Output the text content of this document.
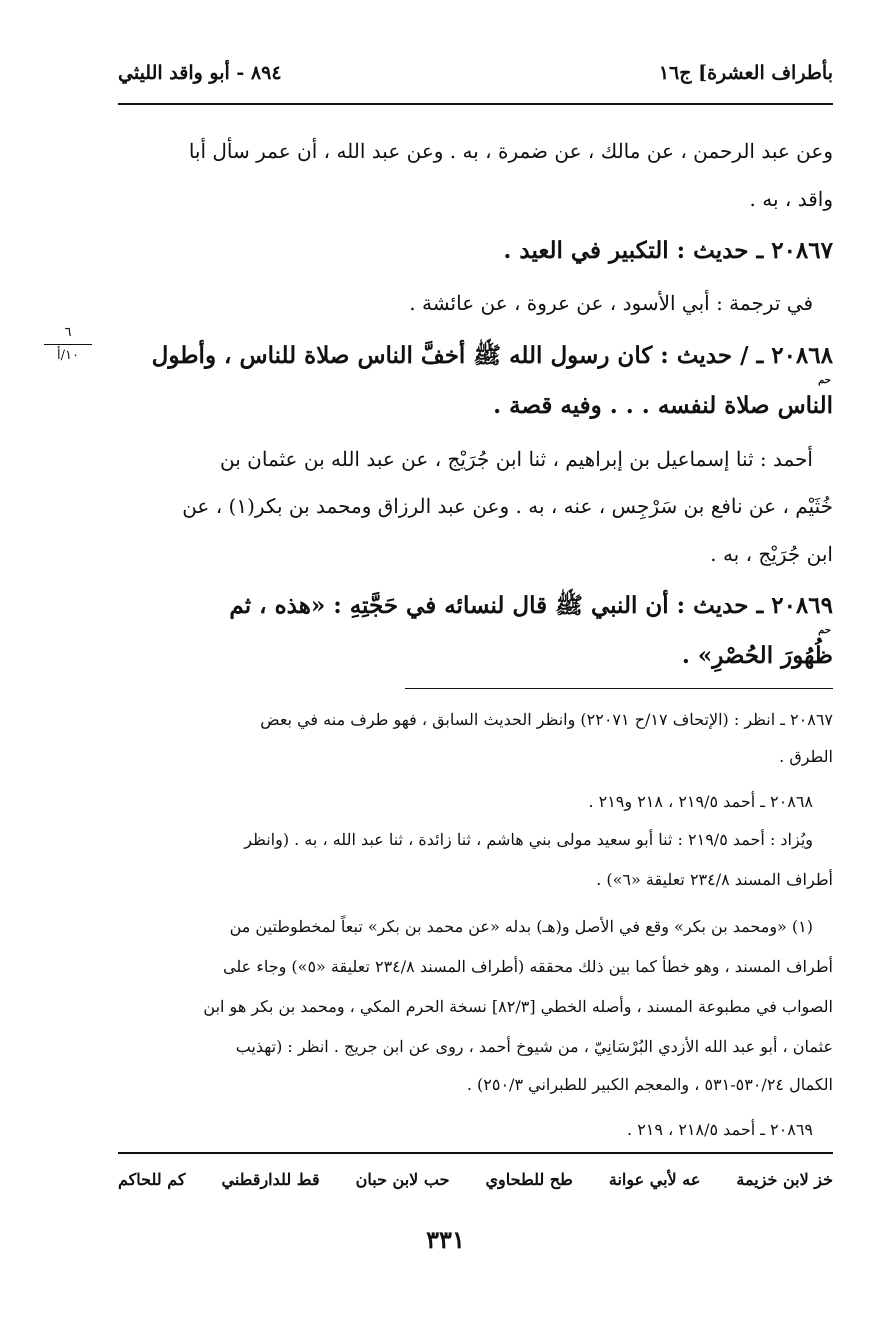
بأطراف العشرة] ج١٦
٨٩٤ - أبو واقد الليثي
٦
١٠/أ
وعن عبد الرحمن ، عن مالك ، عن ضمرة ، به . وعن عبد الله ، أن عمر سأل أبا
واقد ، به .
٢٠٨٦٧ ـ حديث : التكبير في العيد .
في ترجمة : أبي الأسود ، عن عروة ، عن عائشة .
٢٠٨٦٨ ـ / حديث : كان رسول الله ﷺ أخفَّ الناس صلاة للناس ، وأطول
حم
الناس صلاة لنفسه . . . وفيه قصة .
أحمد : ثنا إسماعيل بن إبراهيم ، ثنا ابن جُرَيْج ، عن عبد الله بن عثمان بن
خُثَيْم ، عن نافع بن سَرْجِس ، عنه ، به . وعن عبد الرزاق ومحمد بن بكر(١) ، عن
ابن جُرَيْج ، به .
٢٠٨٦٩ ـ حديث : أن النبي ﷺ قال لنسائه في حَجَّتِهِ : «هذه ، ثم
حم
ظُهُورَ الحُصْرِ» .
٢٠٨٦٧ ـ انظر : (الإتحاف ١٧/ح ٢٢٠٧١) وانظر الحديث السابق ، فهو طرف منه في بعض
الطرق .
٢٠٨٦٨ ـ أحمد ٢١٩/٥ ، ٢١٨ و٢١٩ .
ويُزاد : أحمد ٢١٩/٥ : ثنا أبو سعيد مولى بني هاشم ، ثنا زائدة ، ثنا عبد الله ، به . (وانظر
أطراف المسند ٢٣٤/٨ تعليقة «٦») .
(١) «ومحمد بن بكر» وقع في الأصل و(هـ) بدله «عن محمد بن بكر» تبعاً لمخطوطتين من
أطراف المسند ، وهو خطأ كما بين ذلك محققه (أطراف المسند ٢٣٤/٨ تعليقة «٥») وجاء على
الصواب في مطبوعة المسند ، وأصله الخطي [٨٢/٣] نسخة الحرم المكي ، ومحمد بن بكر هو ابن
عثمان ، أبو عبد الله الأزدي البُرْسَانِيّ ، من شيوخ أحمد ، روى عن ابن جريج . انظر : (تهذيب
الكمال ٥٣٠/٢٤-٥٣١ ، والمعجم الكبير للطبراني ٢٥٠/٣) .
٢٠٨٦٩ ـ أحمد ٢١٨/٥ ، ٢١٩ .
خز لابن خزيمة
عه لأبي عوانة
طح للطحاوي
حب لابن حبان
قط للدارقطني
كم للحاكم
٣٣١
